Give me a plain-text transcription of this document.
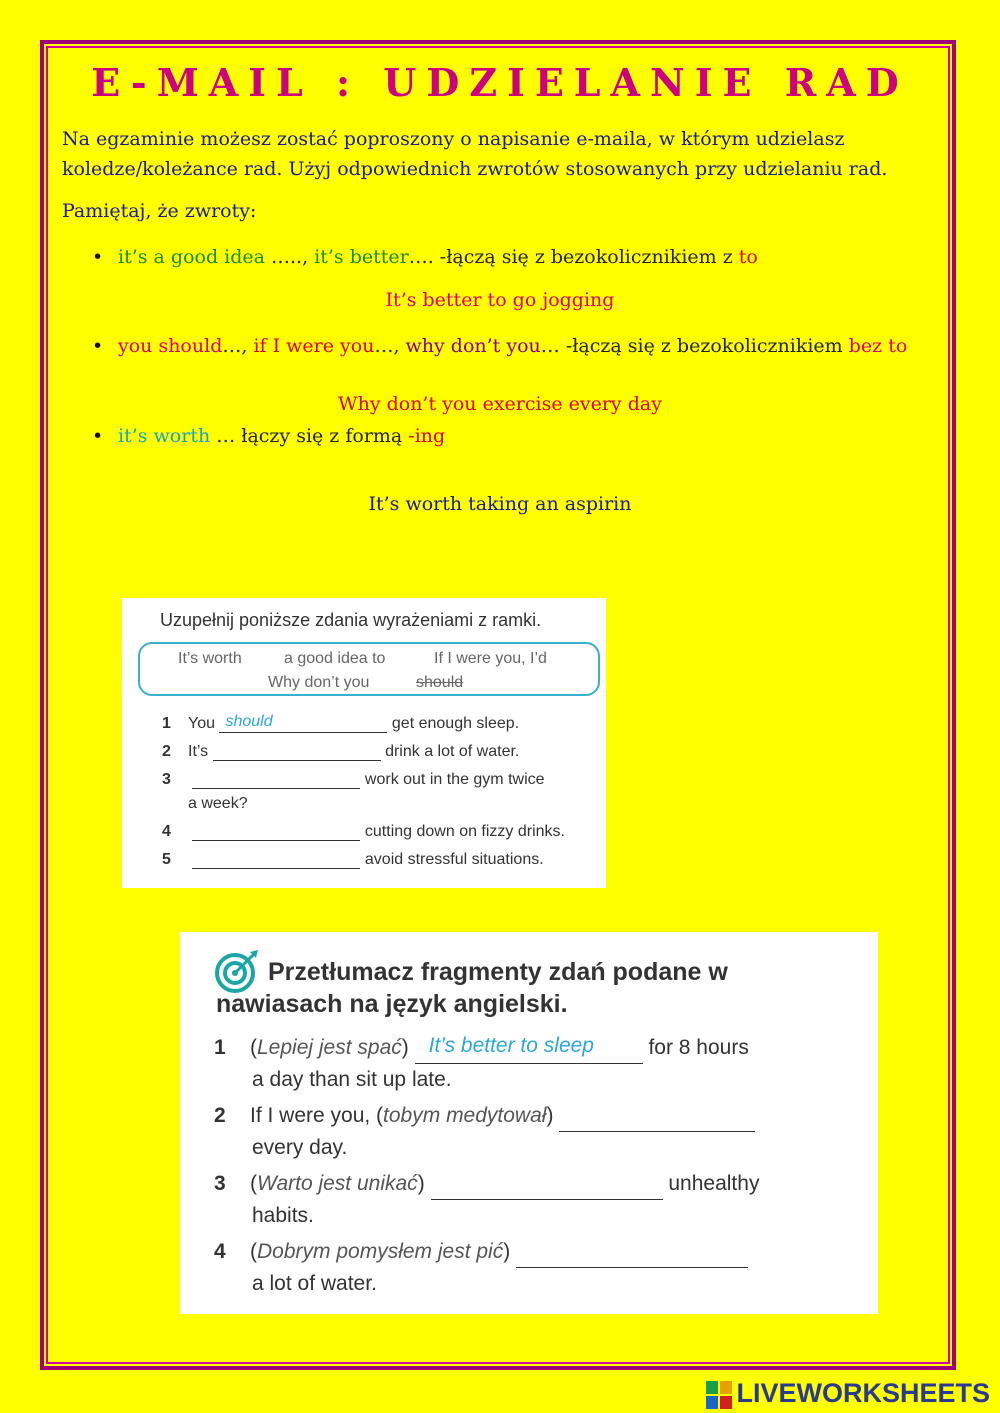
E-MAIL : UDZIELANIE RAD
Na egzaminie możesz zostać poproszony o napisanie e-maila, w którym udzielasz koledze/koleżance rad. Użyj odpowiednich zwrotów stosowanych przy udzielaniu rad.
Pamiętaj, że zwroty:
• it’s a good idea ….., it’s better…. -łączą się z bezokolicznikiem z to
It’s better to go jogging
• you should…, if I were you…, why don’t you… -łączą się z bezokolicznikiem bez to
Why don’t you exercise every day
• it’s worth … łączy się z formą -ing
It’s worth taking an aspirin
Uzupełnij poniższe zdania wyrażeniami z ramki.
It’s worth	a good idea to	If I were you, I’d
Why don’t you	should
1 You should	get enough sleep.
2 It’s	drink a lot of water.
3	work out in the gym twice
a week?
4	cutting down on fizzy drinks.
5	avoid stressful situations.
Przetłumacz fragmenty zdań podane w nawiasach na język angielski.
1 (Lepiej jest spać) It’s better to sleep	for 8 hours
a day than sit up late.
2 If I were you, (tobym medytował)
every day.
3 (Warto jest unikać)	unhealthy
habits.
4 (Dobrym pomysłem jest pić)
a lot of water.
LIVEWORKSHEETS
